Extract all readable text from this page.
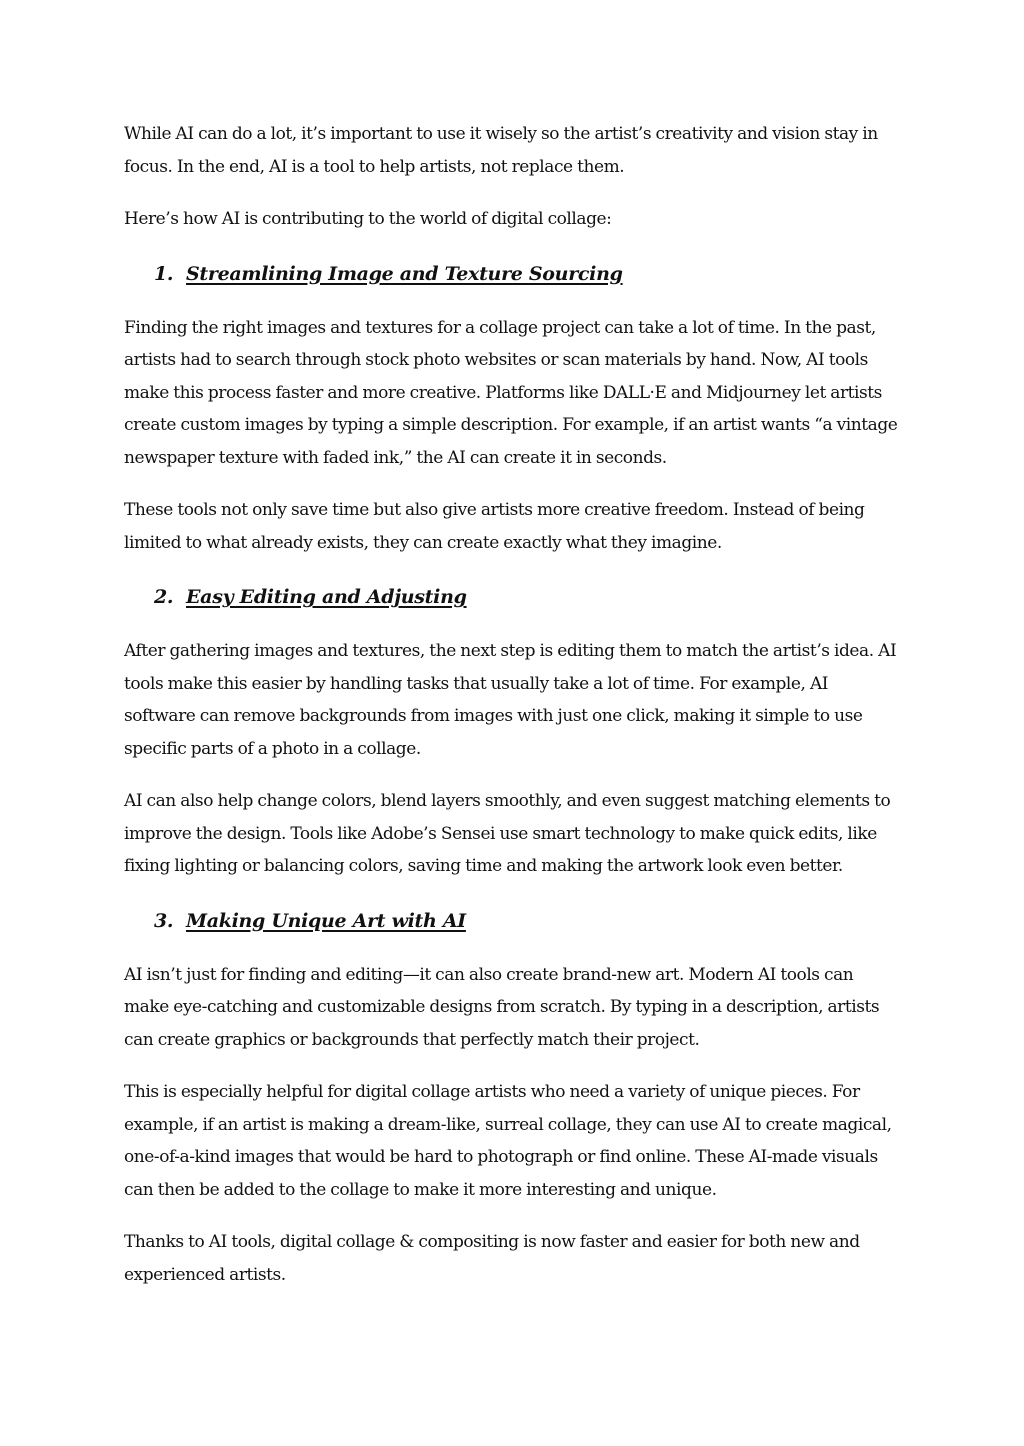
While AI can do a lot, it’s important to use it wisely so the artist’s creativity and vision stay in focus. In the end, AI is a tool to help artists, not replace them.

Here’s how AI is contributing to the world of digital collage:

1. Streamlining Image and Texture Sourcing

Finding the right images and textures for a collage project can take a lot of time. In the past, artists had to search through stock photo websites or scan materials by hand. Now, AI tools make this process faster and more creative. Platforms like DALL·E and Midjourney let artists create custom images by typing a simple description. For example, if an artist wants “a vintage newspaper texture with faded ink,” the AI can create it in seconds.

These tools not only save time but also give artists more creative freedom. Instead of being limited to what already exists, they can create exactly what they imagine.

2. Easy Editing and Adjusting

After gathering images and textures, the next step is editing them to match the artist’s idea. AI tools make this easier by handling tasks that usually take a lot of time. For example, AI software can remove backgrounds from images with just one click, making it simple to use specific parts of a photo in a collage.

AI can also help change colors, blend layers smoothly, and even suggest matching elements to improve the design. Tools like Adobe’s Sensei use smart technology to make quick edits, like fixing lighting or balancing colors, saving time and making the artwork look even better.

3. Making Unique Art with AI

AI isn’t just for finding and editing—it can also create brand-new art. Modern AI tools can make eye-catching and customizable designs from scratch. By typing in a description, artists can create graphics or backgrounds that perfectly match their project.

This is especially helpful for digital collage artists who need a variety of unique pieces. For example, if an artist is making a dream-like, surreal collage, they can use AI to create magical, one-of-a-kind images that would be hard to photograph or find online. These AI-made visuals can then be added to the collage to make it more interesting and unique.

Thanks to AI tools, digital collage & compositing is now faster and easier for both new and experienced artists.
